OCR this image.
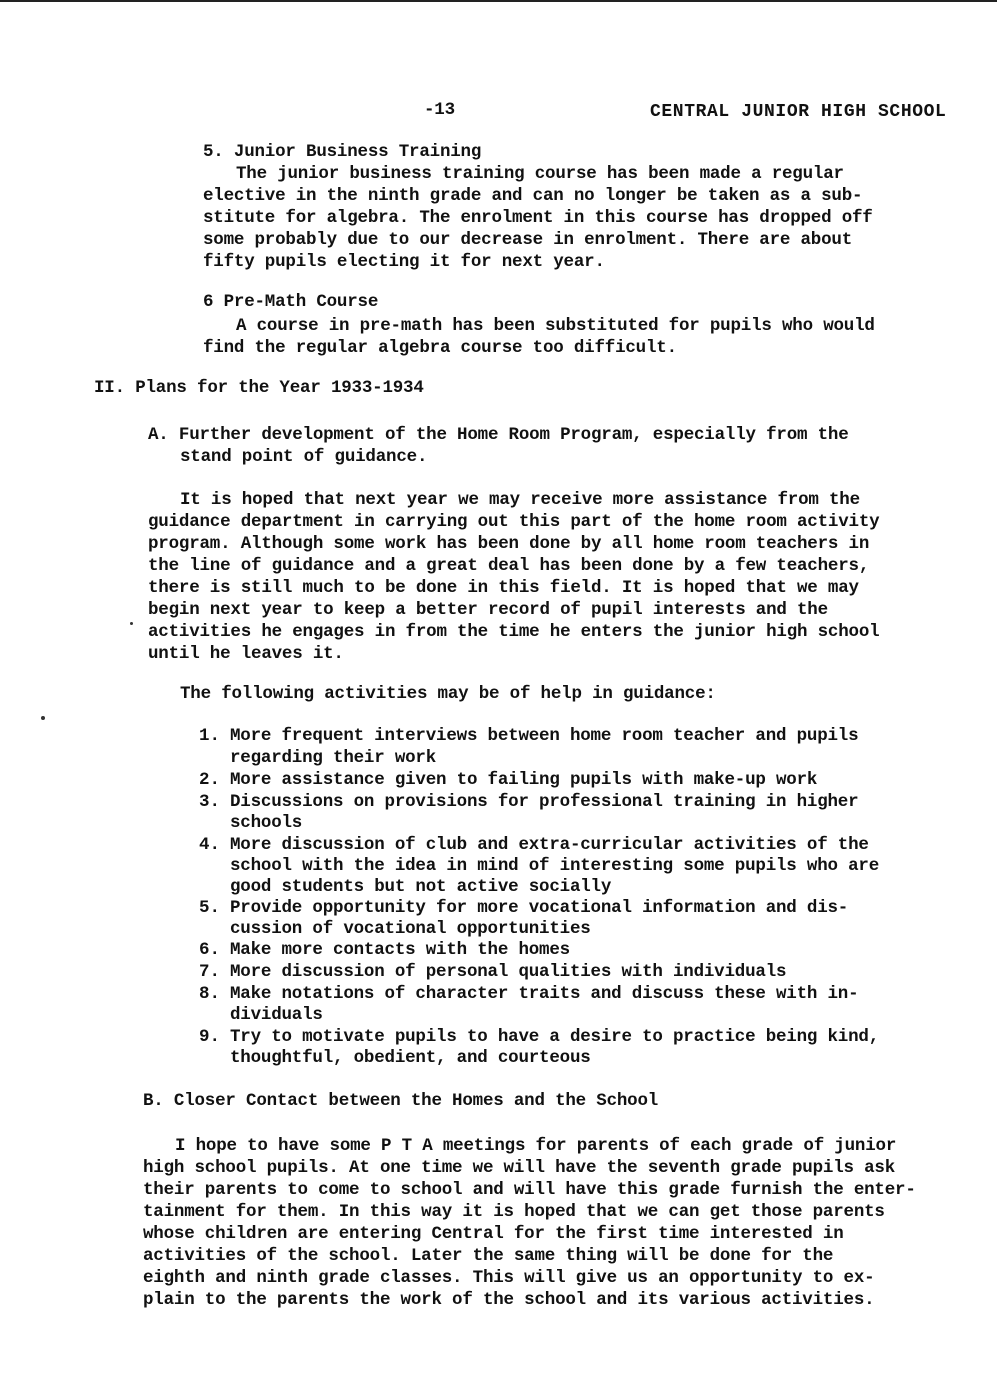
-13	CENTRAL JUNIOR HIGH SCHOOL
5. Junior Business Training
The junior business training course has been made a regular
elective in the ninth grade and can no longer be taken as a sub-
stitute for algebra. The enrolment in this course has dropped off
some probably due to our decrease in enrolment. There are about
fifty pupils electing it for next year.
6 Pre-Math Course
A course in pre-math has been substituted for pupils who would
find the regular algebra course too difficult.
II. Plans for the Year 1933-1934
A. Further development of the Home Room Program, especially from the
stand point of guidance.
It is hoped that next year we may receive more assistance from the
guidance department in carrying out this part of the home room activity
program. Although some work has been done by all home room teachers in
the line of guidance and a great deal has been done by a few teachers,
there is still much to be done in this field. It is hoped that we may
begin next year to keep a better record of pupil interests and the
activities he engages in from the time he enters the junior high school
until he leaves it.
The following activities may be of help in guidance:
1. More frequent interviews between home room teacher and pupils
regarding their work
2. More assistance given to failing pupils with make-up work
3. Discussions on provisions for professional training in higher
schools
4. More discussion of club and extra-curricular activities of the
school with the idea in mind of interesting some pupils who are
good students but not active socially
5. Provide opportunity for more vocational information and dis-
cussion of vocational opportunities
6. Make more contacts with the homes
7. More discussion of personal qualities with individuals
8. Make notations of character traits and discuss these with in-
dividuals
9. Try to motivate pupils to have a desire to practice being kind,
thoughtful, obedient, and courteous
B. Closer Contact between the Homes and the School
I hope to have some P T A meetings for parents of each grade of junior
high school pupils. At one time we will have the seventh grade pupils ask
their parents to come to school and will have this grade furnish the enter-
tainment for them. In this way it is hoped that we can get those parents
whose children are entering Central for the first time interested in
activities of the school. Later the same thing will be done for the
eighth and ninth grade classes. This will give us an opportunity to ex-
plain to the parents the work of the school and its various activities.
